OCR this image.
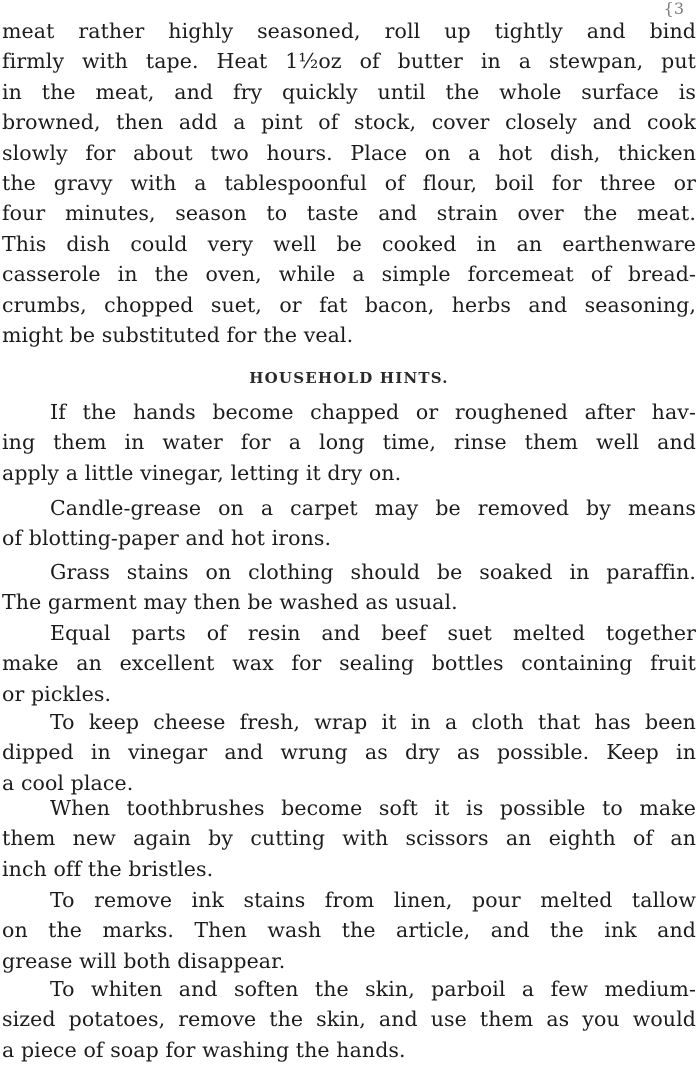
{3
meat rather highly seasoned, roll up tightly and bind
firmly with tape. Heat 1½oz of butter in a stewpan, put
in the meat, and fry quickly until the whole surface is
browned, then add a pint of stock, cover closely and cook
slowly for about two hours. Place on a hot dish, thicken
the gravy with a tablespoonful of flour, boil for three or
four minutes, season to taste and strain over the meat.
This dish could very well be cooked in an earthenware
casserole in the oven, while a simple forcemeat of bread-
crumbs, chopped suet, or fat bacon, herbs and seasoning,
might be substituted for the veal.
HOUSEHOLD HINTS.
If the hands become chapped or roughened after hav-
ing them in water for a long time, rinse them well and
apply a little vinegar, letting it dry on.
Candle-grease on a carpet may be removed by means
of blotting-paper and hot irons.
Grass stains on clothing should be soaked in paraffin.
The garment may then be washed as usual.
Equal parts of resin and beef suet melted together
make an excellent wax for sealing bottles containing fruit
or pickles.
To keep cheese fresh, wrap it in a cloth that has been
dipped in vinegar and wrung as dry as possible. Keep in
a cool place.
When toothbrushes become soft it is possible to make
them new again by cutting with scissors an eighth of an
inch off the bristles.
To remove ink stains from linen, pour melted tallow
on the marks. Then wash the article, and the ink and
grease will both disappear.
To whiten and soften the skin, parboil a few medium-
sized potatoes, remove the skin, and use them as you would
a piece of soap for washing the hands.
